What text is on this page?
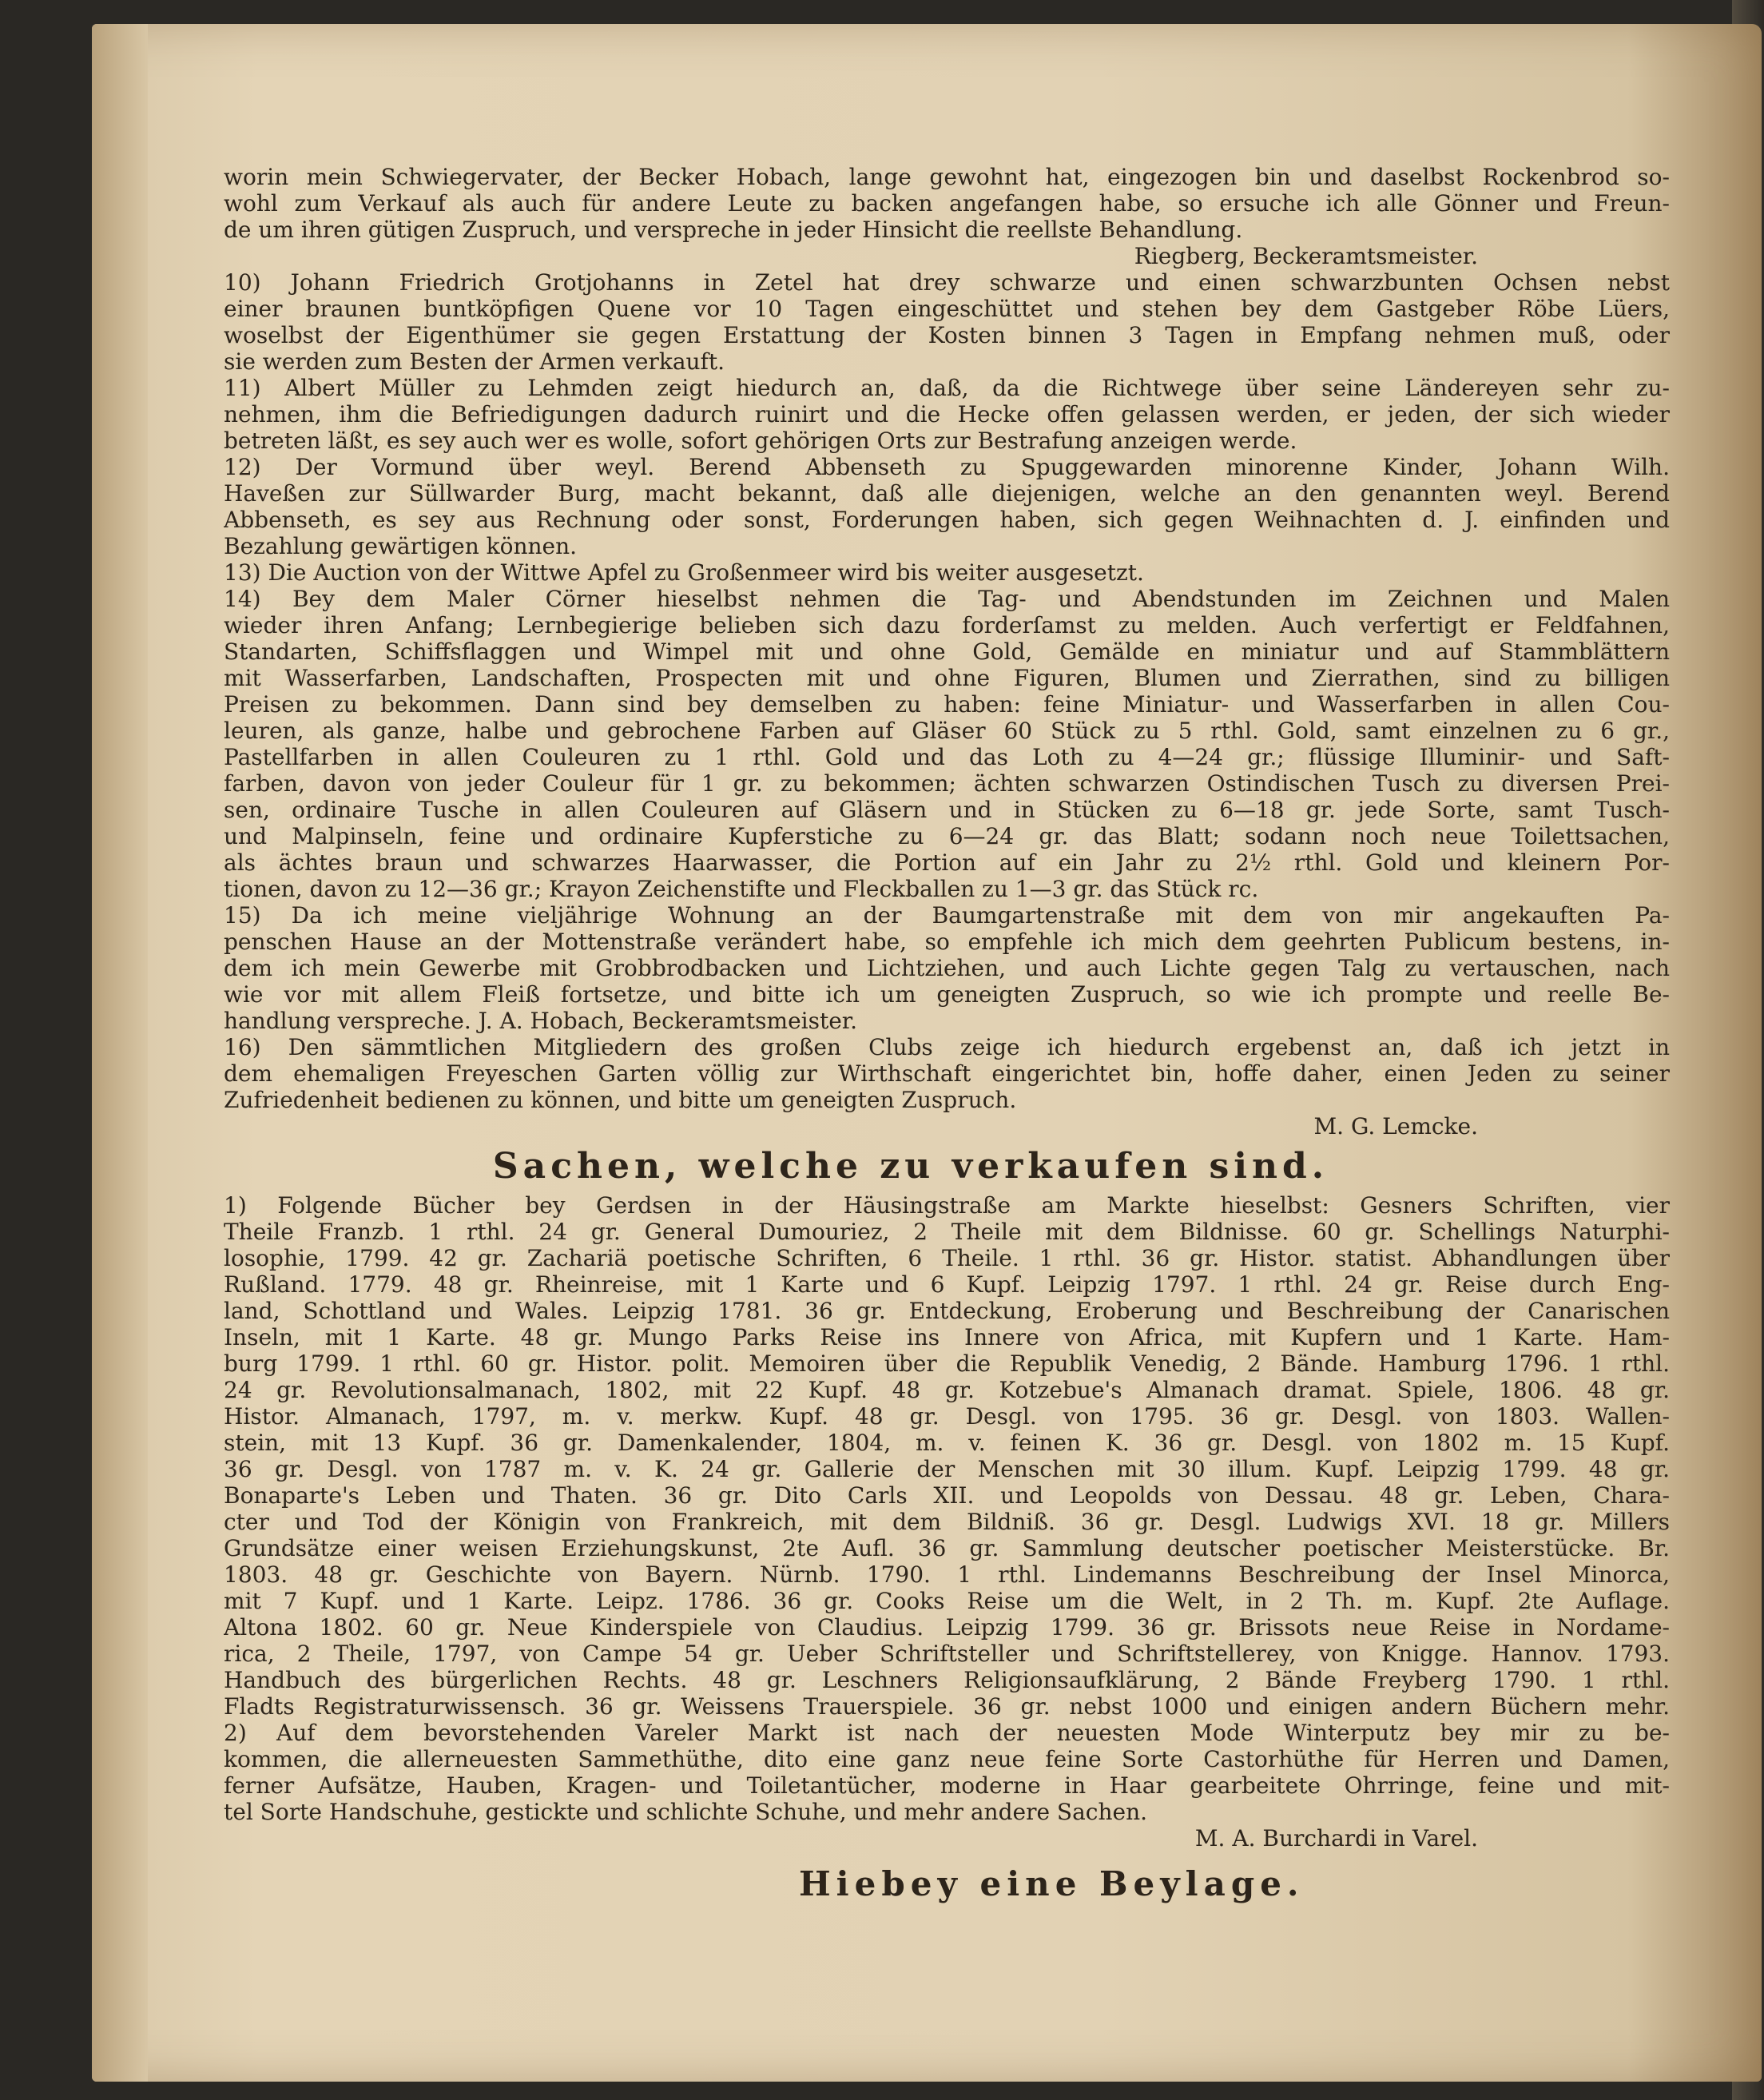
worin mein Schwiegervater, der Becker Hobach, lange gewohnt hat, eingezogen bin und daselbst Rockenbrod so-
wohl zum Verkauf als auch für andere Leute zu backen angefangen habe, so ersuche ich alle Gönner und Freun-
de um ihren gütigen Zuspruch, und verspreche in jeder Hinsicht die reellste Behandlung.
Riegberg, Beckeramtsmeister.
10) Johann Friedrich Grotjohanns in Zetel hat drey schwarze und einen schwarzbunten Ochsen nebst
einer braunen buntköpfigen Quene vor 10 Tagen eingeschüttet und stehen bey dem Gastgeber Röbe Lüers,
woselbst der Eigenthümer sie gegen Erstattung der Kosten binnen 3 Tagen in Empfang nehmen muß, oder
sie werden zum Besten der Armen verkauft.
11) Albert Müller zu Lehmden zeigt hiedurch an, daß, da die Richtwege über seine Ländereyen sehr zu-
nehmen, ihm die Befriedigungen dadurch ruinirt und die Hecke offen gelassen werden, er jeden, der sich wieder
betreten läßt, es sey auch wer es wolle, sofort gehörigen Orts zur Bestrafung anzeigen werde.
12) Der Vormund über weyl. Berend Abbenseth zu Spuggewarden minorenne Kinder, Johann Wilh.
Haveßen zur Süllwarder Burg, macht bekannt, daß alle diejenigen, welche an den genannten weyl. Berend
Abbenseth, es sey aus Rechnung oder sonst, Forderungen haben, sich gegen Weihnachten d. J. einfinden und
Bezahlung gewärtigen können.
13) Die Auction von der Wittwe Apfel zu Großenmeer wird bis weiter ausgesetzt.
14) Bey dem Maler Cörner hieselbst nehmen die Tag- und Abendstunden im Zeichnen und Malen
wieder ihren Anfang; Lernbegierige belieben sich dazu forderſamst zu melden. Auch verfertigt er Feldfahnen,
Standarten, Schiffsflaggen und Wimpel mit und ohne Gold, Gemälde en miniatur und auf Stammblättern
mit Wasserfarben, Landschaften, Prospecten mit und ohne Figuren, Blumen und Zierrathen, sind zu billigen
Preisen zu bekommen. Dann sind bey demselben zu haben: feine Miniatur- und Wasserfarben in allen Cou-
leuren, als ganze, halbe und gebrochene Farben auf Gläser 60 Stück zu 5 rthl. Gold, samt einzelnen zu 6 gr.,
Pastellfarben in allen Couleuren zu 1 rthl. Gold und das Loth zu 4—24 gr.; flüssige Illuminir- und Saft-
farben, davon von jeder Couleur für 1 gr. zu bekommen; ächten schwarzen Ostindischen Tusch zu diversen Prei-
sen, ordinaire Tusche in allen Couleuren auf Gläsern und in Stücken zu 6—18 gr. jede Sorte, samt Tusch-
und Malpinseln, feine und ordinaire Kupferstiche zu 6—24 gr. das Blatt; sodann noch neue Toilettsachen,
als ächtes braun und schwarzes Haarwasser, die Portion auf ein Jahr zu 2½ rthl. Gold und kleinern Por-
tionen, davon zu 12—36 gr.; Krayon Zeichenstifte und Fleckballen zu 1—3 gr. das Stück rc.
15) Da ich meine vieljährige Wohnung an der Baumgartenstraße mit dem von mir angekauften Pa-
penschen Hause an der Mottenstraße verändert habe, so empfehle ich mich dem geehrten Publicum bestens, in-
dem ich mein Gewerbe mit Grobbrodbacken und Lichtziehen, und auch Lichte gegen Talg zu vertauschen, nach
wie vor mit allem Fleiß fortsetze, und bitte ich um geneigten Zuspruch, so wie ich prompte und reelle Be-
handlung verspreche. J. A. Hobach, Beckeramtsmeister.
16) Den sämmtlichen Mitgliedern des großen Clubs zeige ich hiedurch ergebenst an, daß ich jetzt in
dem ehemaligen Freyeschen Garten völlig zur Wirthschaft eingerichtet bin, hoffe daher, einen Jeden zu seiner
Zufriedenheit bedienen zu können, und bitte um geneigten Zuspruch.
M. G. Lemcke.
Sachen, welche zu verkaufen sind.
1) Folgende Bücher bey Gerdsen in der Häusingstraße am Markte hieselbst: Gesners Schriften, vier
Theile Franzb. 1 rthl. 24 gr. General Dumouriez, 2 Theile mit dem Bildnisse. 60 gr. Schellings Naturphi-
losophie, 1799. 42 gr. Zachariä poetische Schriften, 6 Theile. 1 rthl. 36 gr. Histor. statist. Abhandlungen über
Rußland. 1779. 48 gr. Rheinreise, mit 1 Karte und 6 Kupf. Leipzig 1797. 1 rthl. 24 gr. Reise durch Eng-
land, Schottland und Wales. Leipzig 1781. 36 gr. Entdeckung, Eroberung und Beschreibung der Canarischen
Inseln, mit 1 Karte. 48 gr. Mungo Parks Reise ins Innere von Africa, mit Kupfern und 1 Karte. Ham-
burg 1799. 1 rthl. 60 gr. Histor. polit. Memoiren über die Republik Venedig, 2 Bände. Hamburg 1796. 1 rthl.
24 gr. Revolutionsalmanach, 1802, mit 22 Kupf. 48 gr. Kotzebue's Almanach dramat. Spiele, 1806. 48 gr.
Histor. Almanach, 1797, m. v. merkw. Kupf. 48 gr. Desgl. von 1795. 36 gr. Desgl. von 1803. Wallen-
stein, mit 13 Kupf. 36 gr. Damenkalender, 1804, m. v. feinen K. 36 gr. Desgl. von 1802 m. 15 Kupf.
36 gr. Desgl. von 1787 m. v. K. 24 gr. Gallerie der Menschen mit 30 illum. Kupf. Leipzig 1799. 48 gr.
Bonaparte's Leben und Thaten. 36 gr. Dito Carls XII. und Leopolds von Dessau. 48 gr. Leben, Chara-
cter und Tod der Königin von Frankreich, mit dem Bildniß. 36 gr. Desgl. Ludwigs XVI. 18 gr. Millers
Grundsätze einer weisen Erziehungskunst, 2te Aufl. 36 gr. Sammlung deutscher poetischer Meisterstücke. Br.
1803. 48 gr. Geschichte von Bayern. Nürnb. 1790. 1 rthl. Lindemanns Beschreibung der Insel Minorca,
mit 7 Kupf. und 1 Karte. Leipz. 1786. 36 gr. Cooks Reise um die Welt, in 2 Th. m. Kupf. 2te Auflage.
Altona 1802. 60 gr. Neue Kinderspiele von Claudius. Leipzig 1799. 36 gr. Brissots neue Reise in Nordame-
rica, 2 Theile, 1797, von Campe 54 gr. Ueber Schriftsteller und Schriftstellerey, von Knigge. Hannov. 1793.
Handbuch des bürgerlichen Rechts. 48 gr. Leschners Religionsaufklärung, 2 Bände Freyberg 1790. 1 rthl.
Fladts Registraturwissensch. 36 gr. Weissens Trauerspiele. 36 gr. nebst 1000 und einigen andern Büchern mehr.
2) Auf dem bevorstehenden Vareler Markt ist nach der neuesten Mode Winterputz bey mir zu be-
kommen, die allerneuesten Sammethüthe, dito eine ganz neue feine Sorte Castorhüthe für Herren und Damen,
ferner Aufsätze, Hauben, Kragen- und Toiletantücher, moderne in Haar gearbeitete Ohrringe, feine und mit-
tel Sorte Handschuhe, gestickte und schlichte Schuhe, und mehr andere Sachen.
M. A. Burchardi in Varel.
Hiebey eine Beylage.
